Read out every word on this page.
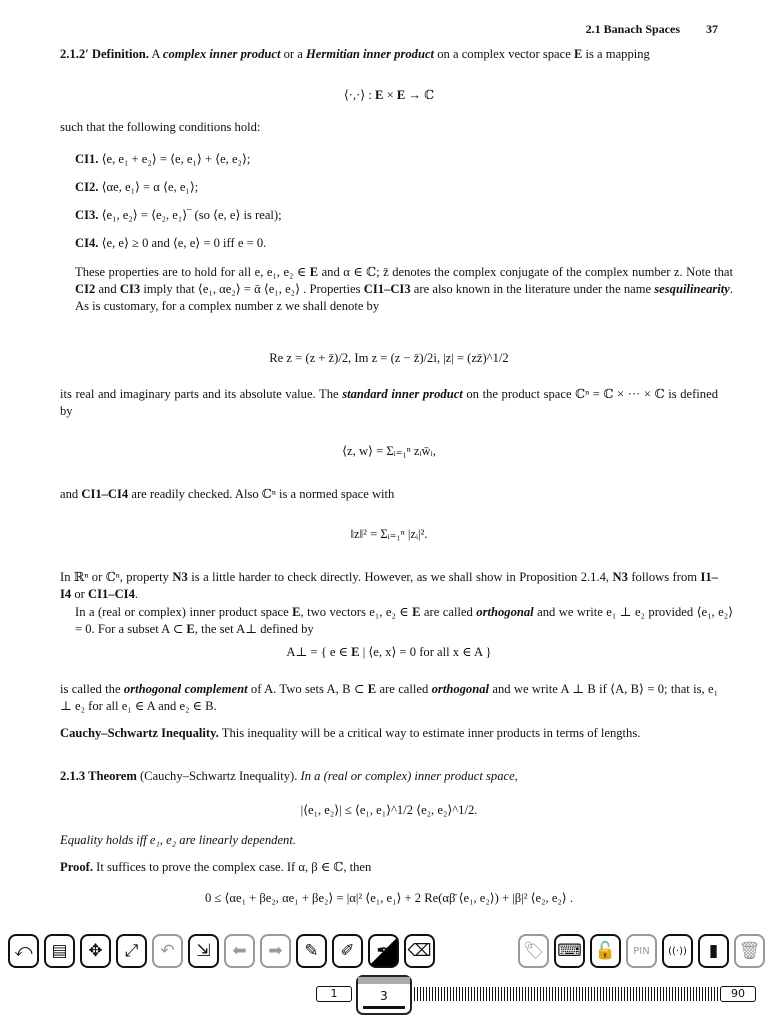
2.1 Banach Spaces 37
2.1.2′ Definition. A complex inner product or a Hermitian inner product on a complex vector space E is a mapping
⟨·,·⟩ : E × E → ℂ
such that the following conditions hold:
CI1. ⟨e, e₁ + e₂⟩ = ⟨e, e₁⟩ + ⟨e, e₂⟩;
CI2. ⟨αe, e₁⟩ = α ⟨e, e₁⟩;
CI3. ⟨e₁, e₂⟩ = ⟨e₂, e₁⟩‾ (so ⟨e, e⟩ is real);
CI4. ⟨e, e⟩ ≥ 0 and ⟨e, e⟩ = 0 iff e = 0.
These properties are to hold for all e, e₁, e₂ ∈ E and α ∈ ℂ; z̄ denotes the complex conjugate of the complex number z. Note that CI2 and CI3 imply that ⟨e₁, αe₂⟩ = ᾱ ⟨e₁, e₂⟩ . Properties CI1–CI3 are also known in the literature under the name sesquilinearity. As is customary, for a complex number z we shall denote by
Re z = (z + z̄)/2, Im z = (z − z̄)/2i, |z| = (zz̄)^1/2
its real and imaginary parts and its absolute value. The standard inner product on the product space ℂⁿ = ℂ × ··· × ℂ is defined by
⟨z, w⟩ = Σᵢ₌₁ⁿ zᵢw̄ᵢ,
and CI1–CI4 are readily checked. Also ℂⁿ is a normed space with
‖z‖² = Σᵢ₌₁ⁿ |zᵢ|².
In ℝⁿ or ℂⁿ, property N3 is a little harder to check directly. However, as we shall show in Proposition 2.1.4, N3 follows from I1–I4 or CI1–CI4.
In a (real or complex) inner product space E, two vectors e₁, e₂ ∈ E are called orthogonal and we write e₁ ⊥ e₂ provided ⟨e₁, e₂⟩ = 0. For a subset A ⊂ E, the set A⊥ defined by
A⊥ = { e ∈ E | ⟨e, x⟩ = 0 for all x ∈ A }
is called the orthogonal complement of A. Two sets A, B ⊂ E are called orthogonal and we write A ⊥ B if ⟨A, B⟩ = 0; that is, e₁ ⊥ e₂ for all e₁ ∈ A and e₂ ∈ B.
Cauchy–Schwartz Inequality. This inequality will be a critical way to estimate inner products in terms of lengths.
2.1.3 Theorem (Cauchy–Schwartz Inequality). In a (real or complex) inner product space,
|⟨e₁, e₂⟩| ≤ ⟨e₁, e₁⟩^1/2 ⟨e₂, e₂⟩^1/2.
Equality holds iff e₁, e₂ are linearly dependent.
Proof. It suffices to prove the complex case. If α, β ∈ ℂ, then
0 ≤ ⟨αe₁ + βe₂, αe₁ + βe₂⟩ = |α|² ⟨e₁, e₁⟩ + 2 Re(αβ̄ ⟨e₁, e₂⟩) + |β|² ⟨e₂, e₂⟩ .
⤺	▤	✥	⤢	↶	⇲	⬅	➡	✎	✐	✒ ⌫	🏷 ⌨ 🔓	PIN	((·))	▮	🗑
1	3	90
